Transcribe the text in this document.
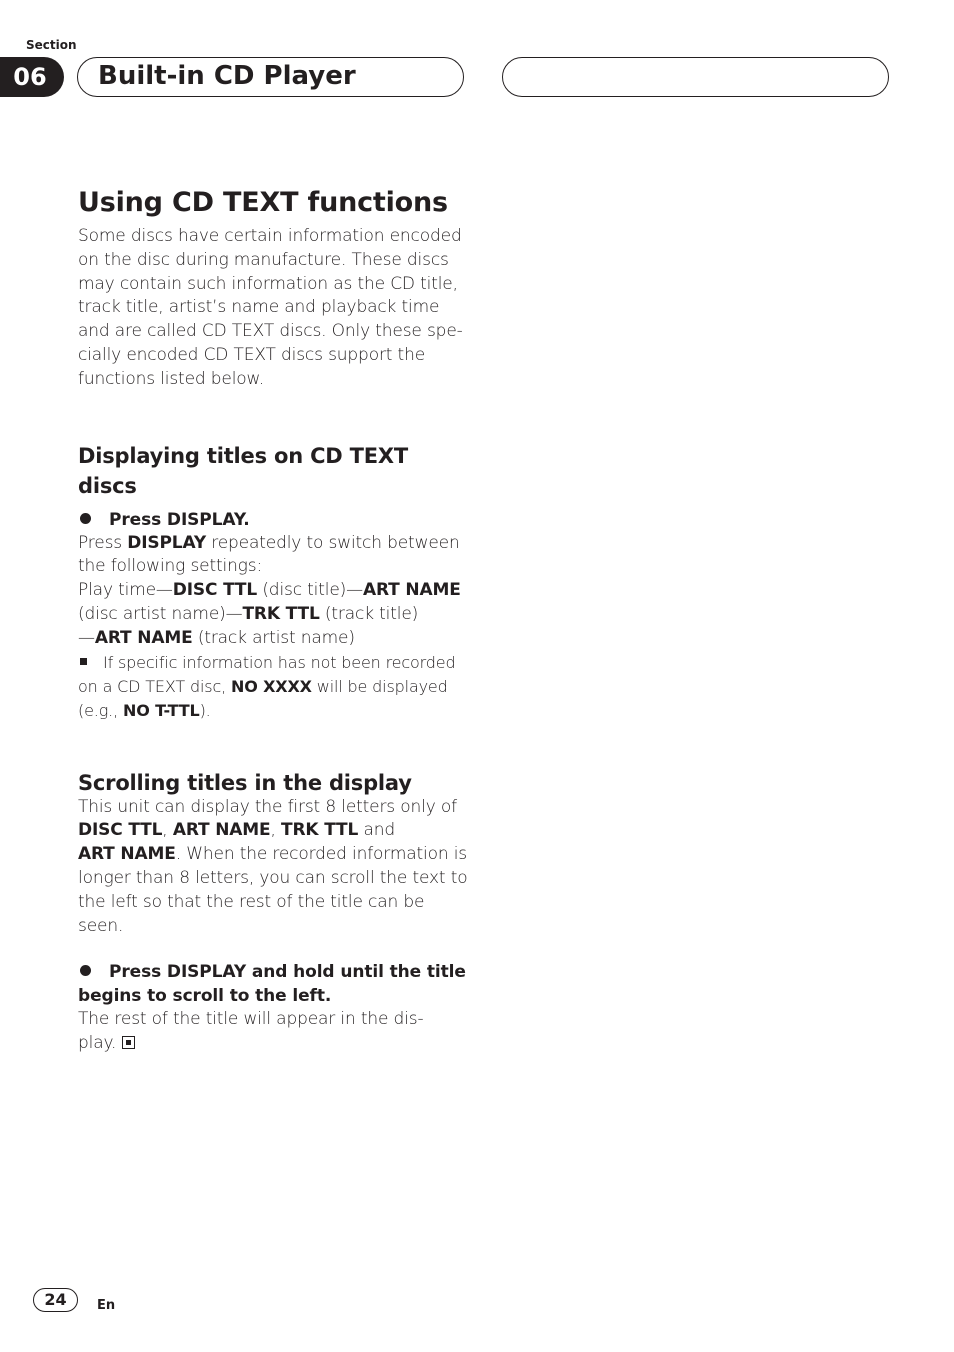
Section
06	Built-in CD Player
Using CD TEXT functions

Some discs have certain information encoded
on the disc during manufacture. These discs
may contain such information as the CD title,
track title, artist’s name and playback time
and are called CD TEXT discs. Only these spe-
cially encoded CD TEXT discs support the
functions listed below.

Displaying titles on CD TEXT discs
Press DISPLAY.

Press DISPLAY repeatedly to switch between
the following settings:
Play time—DISC TTL (disc title)—ART NAME
(disc artist name)—TRK TTL (track title)
—ART NAME (track artist name)

If specific information has not been recorded
on a CD TEXT disc, NO XXXX will be displayed
(e.g., NO T-TTL).

Scrolling titles in the display

This unit can display the first 8 letters only of
DISC TTL, ART NAME, TRK TTL and
ART NAME. When the recorded information is
longer than 8 letters, you can scroll the text to
the left so that the rest of the title can be seen.

Press DISPLAY and hold until the title
begins to scroll to the left.

The rest of the title will appear in the dis-
play.

24	En
